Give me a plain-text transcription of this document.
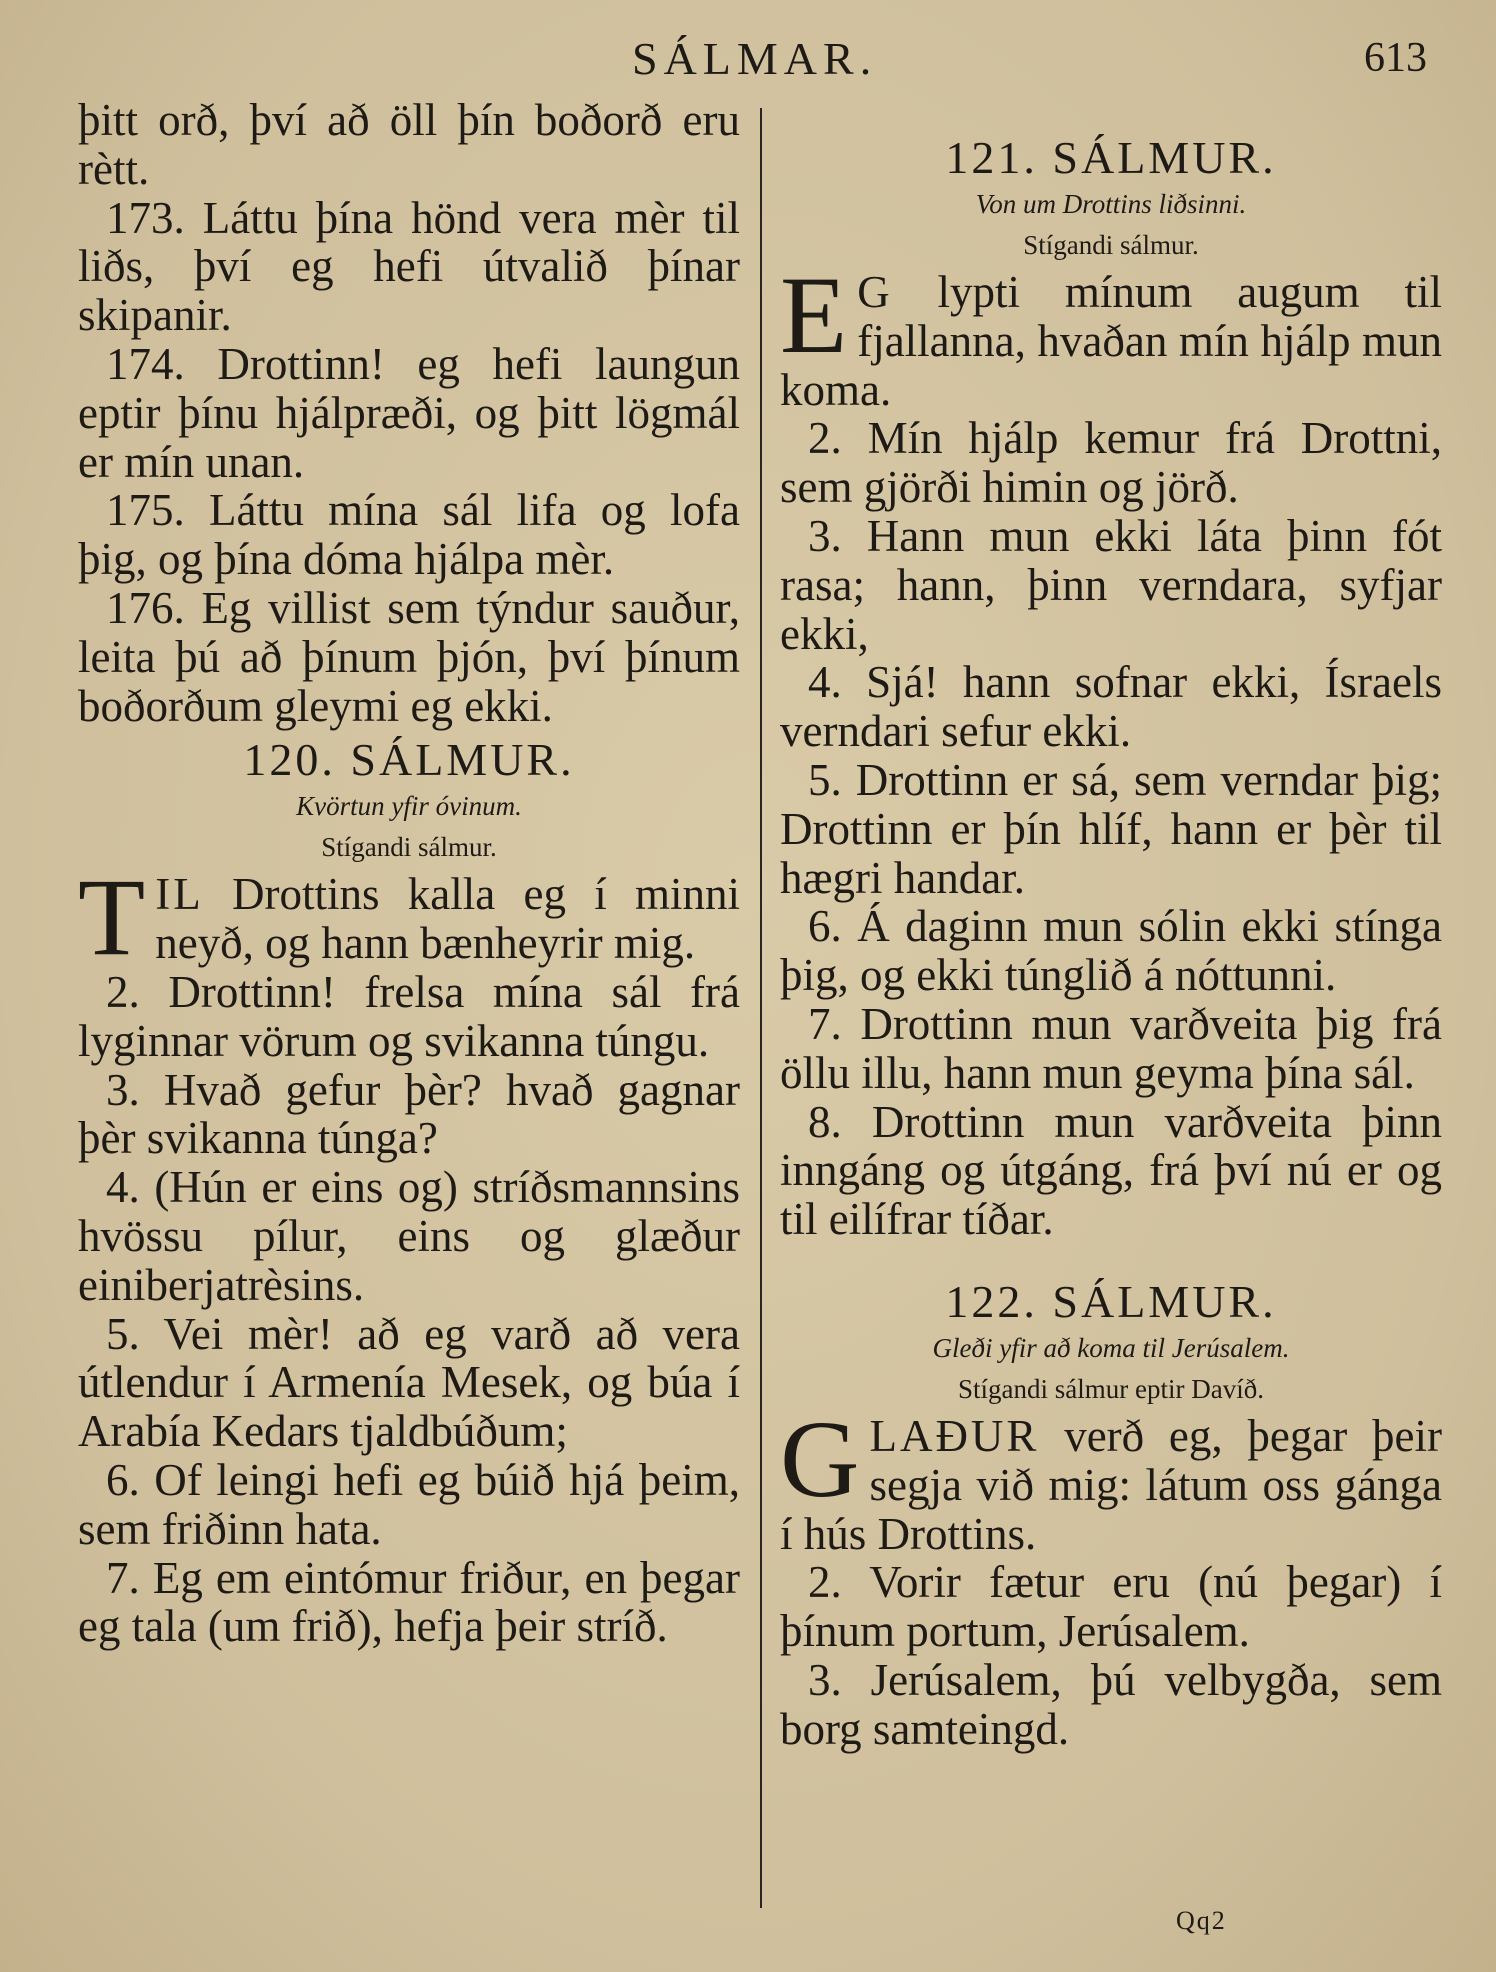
SÁLMAR.	613

þitt orð, því að öll þín boðorð eru rètt.

173. Láttu þína hönd vera mèr til liðs, því eg hefi útvalið þínar skipanir.

174. Drottinn! eg hefi laungun eptir þínu hjálpræði, og þitt lögmál er mín unan.

175. Láttu mína sál lifa og lofa þig, og þína dóma hjálpa mèr.

176. Eg villist sem týndur sauður, leita þú að þínum þjón, því þínum boðorðum gleymi eg ekki.

120. SÁLMUR.
Kvörtun yfir óvinum.
Stígandi sálmur.

TIL Drottins kalla eg í minni neyð, og hann bænheyrir mig.

2. Drottinn! frelsa mína sál frá lyginnar vörum og svikanna túngu.

3. Hvað gefur þèr? hvað gagnar þèr svikanna túnga?

4. (Hún er eins og) stríðsmannsins hvössu pílur, eins og glæður einiberjatrèsins.

5. Vei mèr! að eg varð að vera útlendur í Armenía Mesek, og búa í Arabía Kedars tjaldbúðum;

6. Of leingi hefi eg búið hjá þeim, sem friðinn hata.

7. Eg em eintómur friður, en þegar eg tala (um frið), hefja þeir stríð.

121. SÁLMUR.
Von um Drottins liðsinni.
Stígandi sálmur.

E G lypti mínum augum til fjallanna, hvaðan mín hjálp mun koma.

2. Mín hjálp kemur frá Drottni, sem gjörði himin og jörð.

3. Hann mun ekki láta þinn fót rasa; hann, þinn verndara, syfjar ekki,

4. Sjá! hann sofnar ekki, Ísraels verndari sefur ekki.

5. Drottinn er sá, sem verndar þig; Drottinn er þín hlíf, hann er þèr til hægri handar.

6. Á daginn mun sólin ekki stínga þig, og ekki túnglið á nóttunni.

7. Drottinn mun varðveita þig frá öllu illu, hann mun geyma þína sál.

8. Drottinn mun varðveita þinn inngáng og útgáng, frá því nú er og til eilífrar tíðar.

122. SÁLMUR.
Gleði yfir að koma til Jerúsalem.
Stígandi sálmur eptir Davíð.

GLAÐUR verð eg, þegar þeir segja við mig: látum oss gánga í hús Drottins.

2. Vorir fætur eru (nú þegar) í þínum portum, Jerúsalem.

3. Jerúsalem, þú velbygða, sem borg samteingd.

Qq2
